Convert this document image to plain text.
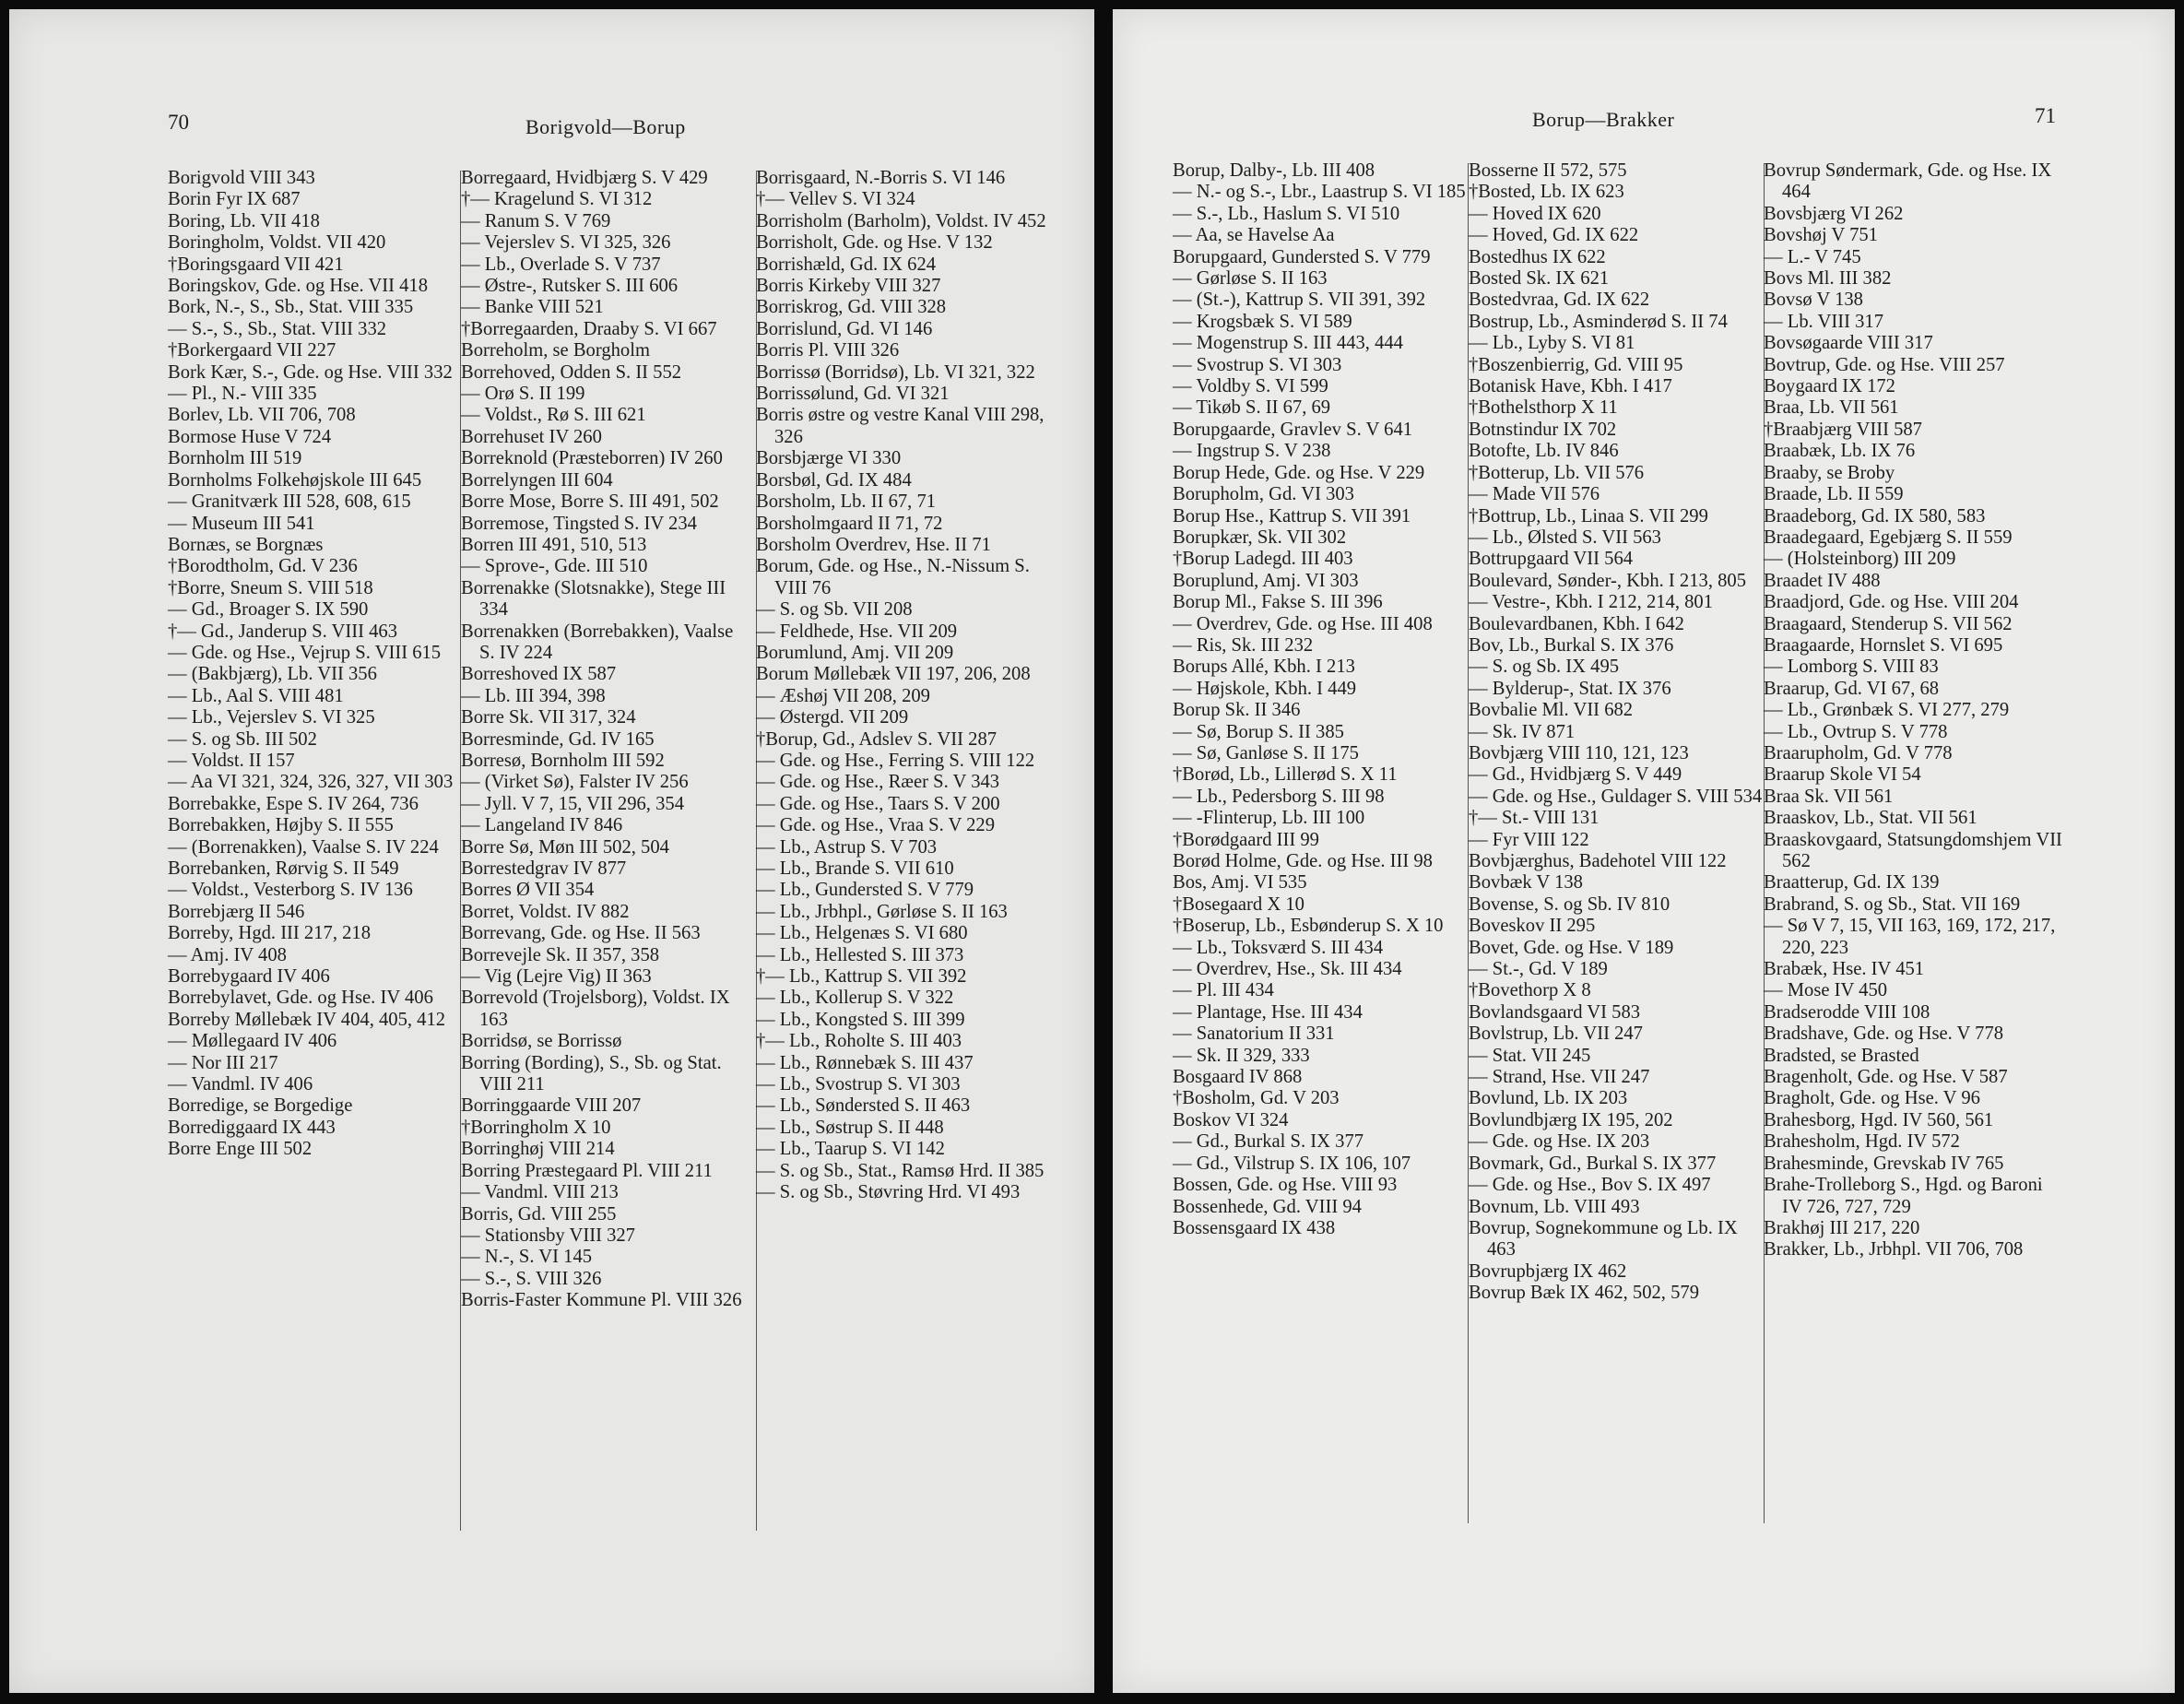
70	Borigvold—Borup
Borigvold VIII 343
Borin Fyr IX 687
Boring, Lb. VII 418
Boringholm, Voldst. VII 420
†Boringsgaard VII 421
Boringskov, Gde. og Hse. VII 418
Bork, N.-, S., Sb., Stat. VIII 335
— S.-, S., Sb., Stat. VIII 332
†Borkergaard VII 227
Bork Kær, S.-, Gde. og Hse. VIII 332
— Pl., N.- VIII 335
Borlev, Lb. VII 706, 708
Bormose Huse V 724
Bornholm III 519
Bornholms Folkehøjskole III 645
— Granitværk III 528, 608, 615
— Museum III 541
Bornæs, se Borgnæs
†Borodtholm, Gd. V 236
†Borre, Sneum S. VIII 518
— Gd., Broager S. IX 590
†— Gd., Janderup S. VIII 463
— Gde. og Hse., Vejrup S. VIII 615
— (Bakbjærg), Lb. VII 356
— Lb., Aal S. VIII 481
— Lb., Vejerslev S. VI 325
— S. og Sb. III 502
— Voldst. II 157
— Aa VI 321, 324, 326, 327, VII 303
Borrebakke, Espe S. IV 264, 736
Borrebakken, Højby S. II 555
— (Borrenakken), Vaalse S. IV 224
Borrebanken, Rørvig S. II 549
— Voldst., Vesterborg S. IV 136
Borrebjærg II 546
Borreby, Hgd. III 217, 218
— Amj. IV 408
Borrebygaard IV 406
Borrebylavet, Gde. og Hse. IV 406
Borreby Møllebæk IV 404, 405, 412
— Møllegaard IV 406
— Nor III 217
— Vandml. IV 406
Borredige, se Borgedige
Borrediggaard IX 443
Borre Enge III 502
Borregaard, Hvidbjærg S. V 429
†— Kragelund S. VI 312
— Ranum S. V 769
— Vejerslev S. VI 325, 326
— Lb., Overlade S. V 737
— Østre-, Rutsker S. III 606
— Banke VIII 521
†Borregaarden, Draaby S. VI 667
Borreholm, se Borgholm
Borrehoved, Odden S. II 552
— Orø S. II 199
— Voldst., Rø S. III 621
Borrehuset IV 260
Borreknold (Præsteborren) IV 260
Borrelyngen III 604
Borre Mose, Borre S. III 491, 502
Borremose, Tingsted S. IV 234
Borren III 491, 510, 513
— Sprove-, Gde. III 510
Borrenakke (Slotsnakke), Stege III 334
Borrenakken (Borrebakken), Vaalse S. IV 224
Borreshoved IX 587
— Lb. III 394, 398
Borre Sk. VII 317, 324
Borresminde, Gd. IV 165
Borresø, Bornholm III 592
— (Virket Sø), Falster IV 256
— Jyll. V 7, 15, VII 296, 354
— Langeland IV 846
Borre Sø, Møn III 502, 504
Borrestedgrav IV 877
Borres Ø VII 354
Borret, Voldst. IV 882
Borrevang, Gde. og Hse. II 563
Borrevejle Sk. II 357, 358
— Vig (Lejre Vig) II 363
Borrevold (Trojelsborg), Voldst. IX 163
Borridsø, se Borrissø
Borring (Bording), S., Sb. og Stat. VIII 211
Borringgaarde VIII 207
†Borringholm X 10
Borringhøj VIII 214
Borring Præstegaard Pl. VIII 211
— Vandml. VIII 213
Borris, Gd. VIII 255
— Stationsby VIII 327
— N.-, S. VI 145
— S.-, S. VIII 326
Borris-Faster Kommune Pl. VIII 326
Borrisgaard, N.-Borris S. VI 146
†— Vellev S. VI 324
Borrisholm (Barholm), Voldst. IV 452
Borrisholt, Gde. og Hse. V 132
Borrishæld, Gd. IX 624
Borris Kirkeby VIII 327
Borriskrog, Gd. VIII 328
Borrislund, Gd. VI 146
Borris Pl. VIII 326
Borrissø (Borridsø), Lb. VI 321, 322
Borrissølund, Gd. VI 321
Borris østre og vestre Kanal VIII 298, 326
Borsbjærge VI 330
Borsbøl, Gd. IX 484
Borsholm, Lb. II 67, 71
Borsholmgaard II 71, 72
Borsholm Overdrev, Hse. II 71
Borum, Gde. og Hse., N.-Nissum S. VIII 76
— S. og Sb. VII 208
— Feldhede, Hse. VII 209
Borumlund, Amj. VII 209
Borum Møllebæk VII 197, 206, 208
— Æshøj VII 208, 209
— Østergd. VII 209
†Borup, Gd., Adslev S. VII 287
— Gde. og Hse., Ferring S. VIII 122
— Gde. og Hse., Ræer S. V 343
— Gde. og Hse., Taars S. V 200
— Gde. og Hse., Vraa S. V 229
— Lb., Astrup S. V 703
— Lb., Brande S. VII 610
— Lb., Gundersted S. V 779
— Lb., Jrbhpl., Gørløse S. II 163
— Lb., Helgenæs S. VI 680
— Lb., Hellested S. III 373
†— Lb., Kattrup S. VII 392
— Lb., Kollerup S. V 322
— Lb., Kongsted S. III 399
†— Lb., Roholte S. III 403
— Lb., Rønnebæk S. III 437
— Lb., Svostrup S. VI 303
— Lb., Søndersted S. II 463
— Lb., Søstrup S. II 448
— Lb., Taarup S. VI 142
— S. og Sb., Stat., Ramsø Hrd. II 385
— S. og Sb., Støvring Hrd. VI 493
Borup—Brakker	71
Borup, Dalby-, Lb. III 408
— N.- og S.-, Lbr., Laastrup S. VI 185
— S.-, Lb., Haslum S. VI 510
— Aa, se Havelse Aa
Borupgaard, Gundersted S. V 779
— Gørløse S. II 163
— (St.-), Kattrup S. VII 391, 392
— Krogsbæk S. VI 589
— Mogenstrup S. III 443, 444
— Svostrup S. VI 303
— Voldby S. VI 599
— Tikøb S. II 67, 69
Borupgaarde, Gravlev S. V 641
— Ingstrup S. V 238
Borup Hede, Gde. og Hse. V 229
Borupholm, Gd. VI 303
Borup Hse., Kattrup S. VII 391
Borupkær, Sk. VII 302
†Borup Ladegd. III 403
Boruplund, Amj. VI 303
Borup Ml., Fakse S. III 396
— Overdrev, Gde. og Hse. III 408
— Ris, Sk. III 232
Borups Allé, Kbh. I 213
— Højskole, Kbh. I 449
Borup Sk. II 346
— Sø, Borup S. II 385
— Sø, Ganløse S. II 175
†Borød, Lb., Lillerød S. X 11
— Lb., Pedersborg S. III 98
— -Flinterup, Lb. III 100
†Borødgaard III 99
Borød Holme, Gde. og Hse. III 98
Bos, Amj. VI 535
†Bosegaard X 10
†Boserup, Lb., Esbønderup S. X 10
— Lb., Toksværd S. III 434
— Overdrev, Hse., Sk. III 434
— Pl. III 434
— Plantage, Hse. III 434
— Sanatorium II 331
— Sk. II 329, 333
Bosgaard IV 868
†Bosholm, Gd. V 203
Boskov VI 324
— Gd., Burkal S. IX 377
— Gd., Vilstrup S. IX 106, 107
Bossen, Gde. og Hse. VIII 93
Bossenhede, Gd. VIII 94
Bossensgaard IX 438
Bosserne II 572, 575
†Bosted, Lb. IX 623
— Hoved IX 620
— Hoved, Gd. IX 622
Bostedhus IX 622
Bosted Sk. IX 621
Bostedvraa, Gd. IX 622
Bostrup, Lb., Asminderød S. II 74
— Lb., Lyby S. VI 81
†Boszenbierrig, Gd. VIII 95
Botanisk Have, Kbh. I 417
†Bothelsthorp X 11
Botnstindur IX 702
Botofte, Lb. IV 846
†Botterup, Lb. VII 576
— Made VII 576
†Bottrup, Lb., Linaa S. VII 299
— Lb., Ølsted S. VII 563
Bottrupgaard VII 564
Boulevard, Sønder-, Kbh. I 213, 805
— Vestre-, Kbh. I 212, 214, 801
Boulevardbanen, Kbh. I 642
Bov, Lb., Burkal S. IX 376
— S. og Sb. IX 495
— Bylderup-, Stat. IX 376
Bovbalie Ml. VII 682
— Sk. IV 871
Bovbjærg VIII 110, 121, 123
— Gd., Hvidbjærg S. V 449
— Gde. og Hse., Guldager S. VIII 534
†— St.- VIII 131
— Fyr VIII 122
Bovbjærghus, Badehotel VIII 122
Bovbæk V 138
Bovense, S. og Sb. IV 810
Boveskov II 295
Bovet, Gde. og Hse. V 189
— St.-, Gd. V 189
†Bovethorp X 8
Bovlandsgaard VI 583
Bovlstrup, Lb. VII 247
— Stat. VII 245
— Strand, Hse. VII 247
Bovlund, Lb. IX 203
Bovlundbjærg IX 195, 202
— Gde. og Hse. IX 203
Bovmark, Gd., Burkal S. IX 377
— Gde. og Hse., Bov S. IX 497
Bovnum, Lb. VIII 493
Bovrup, Sognekommune og Lb. IX 463
Bovrupbjærg IX 462
Bovrup Bæk IX 462, 502, 579
Bovrup Søndermark, Gde. og Hse. IX 464
Bovsbjærg VI 262
Bovshøj V 751
— L.- V 745
Bovs Ml. III 382
Bovsø V 138
— Lb. VIII 317
Bovsøgaarde VIII 317
Bovtrup, Gde. og Hse. VIII 257
Boygaard IX 172
Braa, Lb. VII 561
†Braabjærg VIII 587
Braabæk, Lb. IX 76
Braaby, se Broby
Braade, Lb. II 559
Braadeborg, Gd. IX 580, 583
Braadegaard, Egebjærg S. II 559
— (Holsteinborg) III 209
Braadet IV 488
Braadjord, Gde. og Hse. VIII 204
Braagaard, Stenderup S. VII 562
Braagaarde, Hornslet S. VI 695
— Lomborg S. VIII 83
Braarup, Gd. VI 67, 68
— Lb., Grønbæk S. VI 277, 279
— Lb., Ovtrup S. V 778
Braarupholm, Gd. V 778
Braarup Skole VI 54
Braa Sk. VII 561
Braaskov, Lb., Stat. VII 561
Braaskovgaard, Statsungdomshjem VII 562
Braatterup, Gd. IX 139
Brabrand, S. og Sb., Stat. VII 169
— Sø V 7, 15, VII 163, 169, 172, 217, 220, 223
Brabæk, Hse. IV 451
— Mose IV 450
Bradserodde VIII 108
Bradshave, Gde. og Hse. V 778
Bradsted, se Brasted
Bragenholt, Gde. og Hse. V 587
Bragholt, Gde. og Hse. V 96
Brahesborg, Hgd. IV 560, 561
Brahesholm, Hgd. IV 572
Brahesminde, Grevskab IV 765
Brahe-Trolleborg S., Hgd. og Baroni IV 726, 727, 729
Brakhøj III 217, 220
Brakker, Lb., Jrbhpl. VII 706, 708
